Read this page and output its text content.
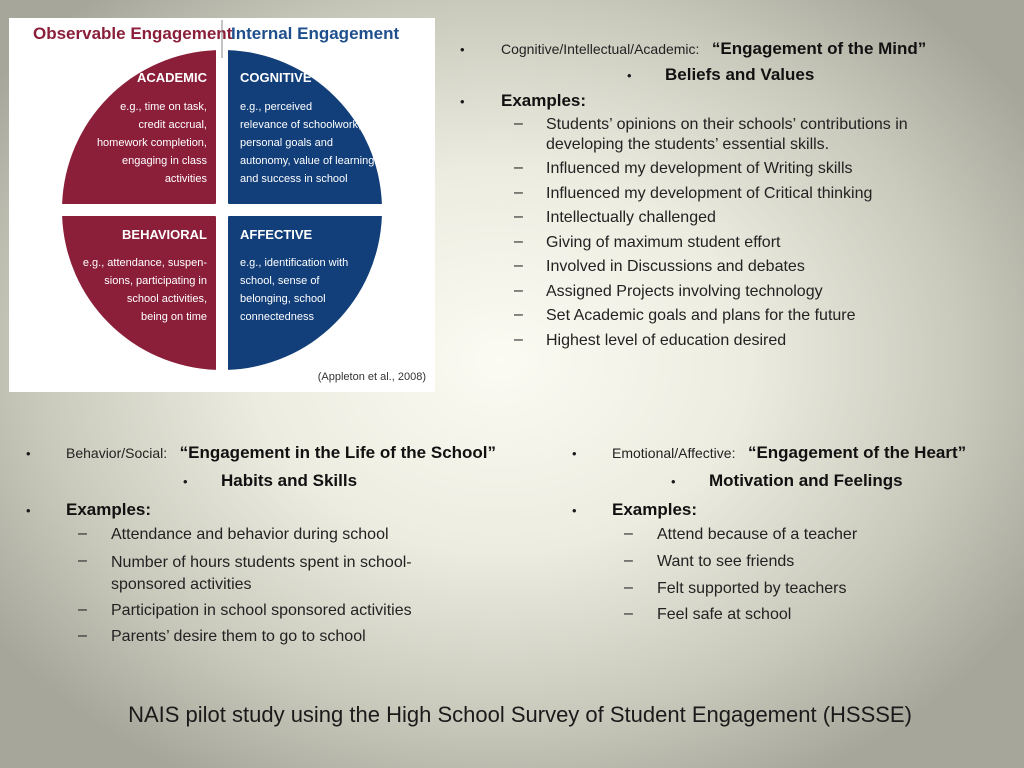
Observable Engagement
Internal Engagement
ACADEMIC
e.g., time on task,
credit accrual,
homework completion,
engaging in class
activities
COGNITIVE
e.g., perceived
relevance of schoolwork,
personal goals and
autonomy, value of learning
and success in school
BEHAVIORAL
e.g., attendance, suspen-
sions, participating in
school activities,
being on time
AFFECTIVE
e.g., identification with
school, sense of
belonging, school
connectedness
(Appleton et al., 2008)
•	Cognitive/Intellectual/Academic: “Engagement of the Mind”
• Beliefs and Values
• Examples:
– Students’ opinions on their schools’ contributions in
developing the students’ essential skills.
– Influenced my development of Writing skills
– Influenced my development of Critical thinking
– Intellectually challenged
– Giving of maximum student effort
– Involved in Discussions and debates
– Assigned Projects involving technology
– Set Academic goals and plans for the future
– Highest level of education desired
•	Behavior/Social: “Engagement in the Life of the School”
• Habits and Skills
• Examples:
– Attendance and behavior during school
– Number of hours students spent in school-
sponsored activities
– Participation in school sponsored activities
– Parents’ desire them to go to school
•	Emotional/Affective: “Engagement of the Heart”
• Motivation and Feelings
• Examples:
– Attend because of a teacher
– Want to see friends
– Felt supported by teachers
– Feel safe at school
NAIS pilot study using the High School Survey of Student Engagement (HSSSE)
